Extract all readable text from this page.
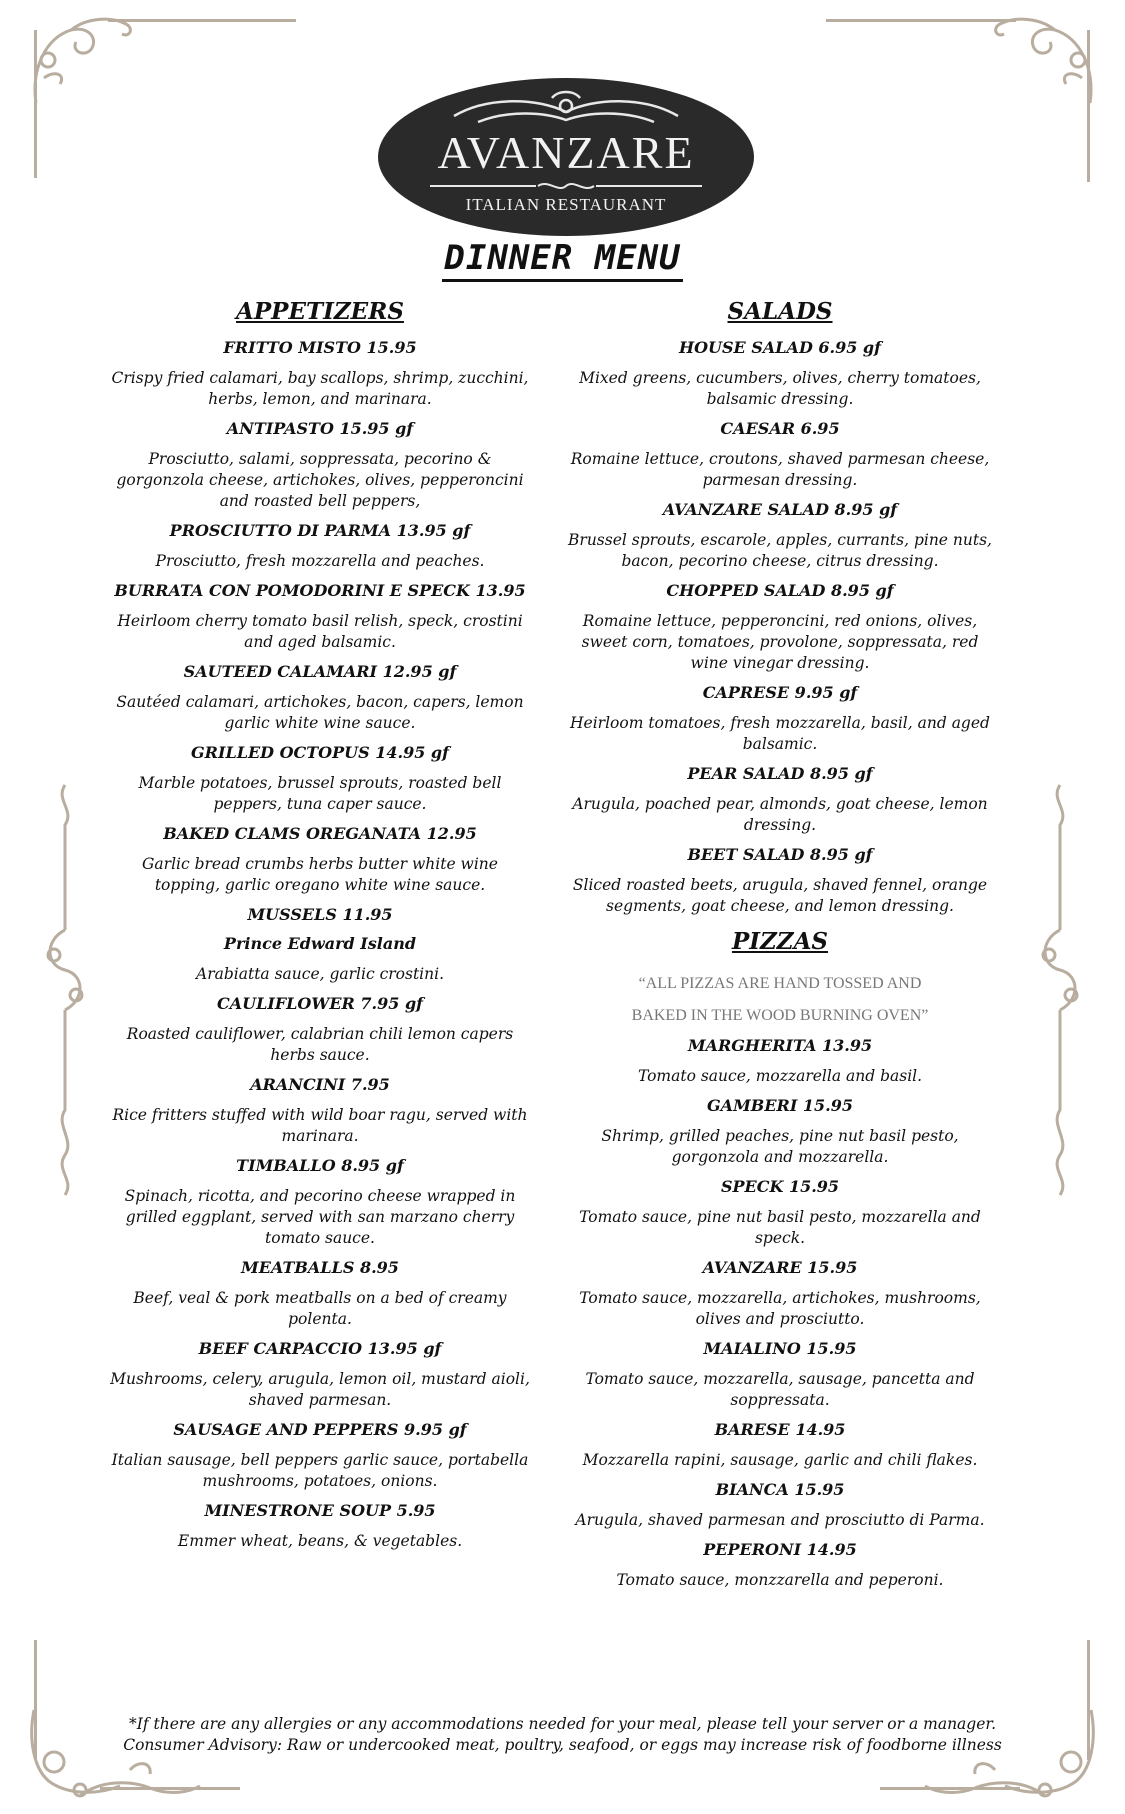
AVANZARE
ITALIAN RESTAURANT
DINNER MENU
APPETIZERS
FRITTO MISTO 15.95
Crispy fried calamari, bay scallops, shrimp, zucchini, herbs, lemon, and marinara.
ANTIPASTO 15.95 gf
Prosciutto, salami, soppressata, pecorino & gorgonzola cheese, artichokes, olives, pepperoncini and roasted bell peppers,
PROSCIUTTO DI PARMA 13.95 gf
Prosciutto, fresh mozzarella and peaches.
BURRATA CON POMODORINI E SPECK 13.95
Heirloom cherry tomato basil relish, speck, crostini and aged balsamic.
SAUTEED CALAMARI 12.95 gf
Sautéed calamari, artichokes, bacon, capers, lemon garlic white wine sauce.
GRILLED OCTOPUS 14.95 gf
Marble potatoes, brussel sprouts, roasted bell peppers, tuna caper sauce.
BAKED CLAMS OREGANATA 12.95
Garlic bread crumbs herbs butter white wine topping, garlic oregano white wine sauce.
MUSSELS 11.95
Prince Edward Island
Arabiatta sauce, garlic crostini.
CAULIFLOWER 7.95 gf
Roasted cauliflower, calabrian chili lemon capers herbs sauce.
ARANCINI 7.95
Rice fritters stuffed with wild boar ragu, served with marinara.
TIMBALLO 8.95 gf
Spinach, ricotta, and pecorino cheese wrapped in grilled eggplant, served with san marzano cherry tomato sauce.
MEATBALLS 8.95
Beef, veal & pork meatballs on a bed of creamy polenta.
BEEF CARPACCIO 13.95 gf
Mushrooms, celery, arugula, lemon oil, mustard aioli, shaved parmesan.
SAUSAGE AND PEPPERS 9.95 gf
Italian sausage, bell peppers garlic sauce, portabella mushrooms, potatoes, onions.
MINESTRONE SOUP 5.95
Emmer wheat, beans, & vegetables.
SALADS
HOUSE SALAD 6.95 gf
Mixed greens, cucumbers, olives, cherry tomatoes, balsamic dressing.
CAESAR 6.95
Romaine lettuce, croutons, shaved parmesan cheese, parmesan dressing.
AVANZARE SALAD 8.95 gf
Brussel sprouts, escarole, apples, currants, pine nuts, bacon, pecorino cheese, citrus dressing.
CHOPPED SALAD 8.95 gf
Romaine lettuce, pepperoncini, red onions, olives, sweet corn, tomatoes, provolone, soppressata, red wine vinegar dressing.
CAPRESE 9.95 gf
Heirloom tomatoes, fresh mozzarella, basil, and aged balsamic.
PEAR SALAD 8.95 gf
Arugula, poached pear, almonds, goat cheese, lemon dressing.
BEET SALAD 8.95 gf
Sliced roasted beets, arugula, shaved fennel, orange segments, goat cheese, and lemon dressing.
PIZZAS
“ALL PIZZAS ARE HAND TOSSED AND
BAKED IN THE WOOD BURNING OVEN”
MARGHERITA 13.95
Tomato sauce, mozzarella and basil.
GAMBERI 15.95
Shrimp, grilled peaches, pine nut basil pesto, gorgonzola and mozzarella.
SPECK 15.95
Tomato sauce, pine nut basil pesto, mozzarella and speck.
AVANZARE 15.95
Tomato sauce, mozzarella, artichokes, mushrooms, olives and prosciutto.
MAIALINO 15.95
Tomato sauce, mozzarella, sausage, pancetta and soppressata.
BARESE 14.95
Mozzarella rapini, sausage, garlic and chili flakes.
BIANCA 15.95
Arugula, shaved parmesan and prosciutto di Parma.
PEPERONI 14.95
Tomato sauce, monzzarella and peperoni.
*If there are any allergies or any accommodations needed for your meal, please tell your server or a manager.
Consumer Advisory: Raw or undercooked meat, poultry, seafood, or eggs may increase risk of foodborne illness
